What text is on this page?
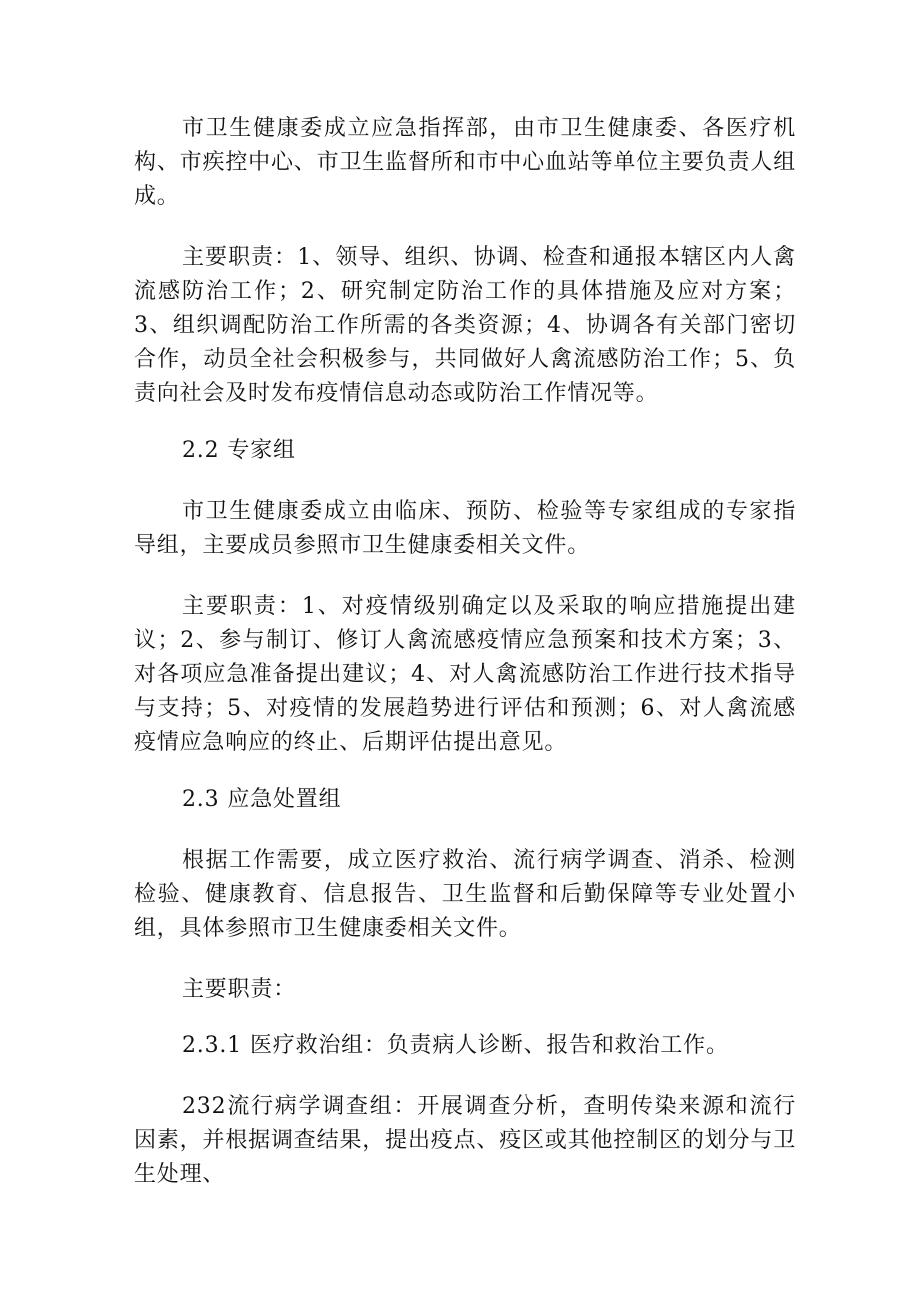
市卫生健康委成立应急指挥部，由市卫生健康委、各医疗机构、市疾控中心、市卫生监督所和市中心血站等单位主要负责人组成。

主要职责：1、领导、组织、协调、检查和通报本辖区内人禽流感防治工作；2、研究制定防治工作的具体措施及应对方案；3、组织调配防治工作所需的各类资源；4、协调各有关部门密切合作，动员全社会积极参与，共同做好人禽流感防治工作；5、负责向社会及时发布疫情信息动态或防治工作情况等。

2.2 专家组

市卫生健康委成立由临床、预防、检验等专家组成的专家指导组，主要成员参照市卫生健康委相关文件。

主要职责：1、对疫情级别确定以及采取的响应措施提出建议；2、参与制订、修订人禽流感疫情应急预案和技术方案；3、对各项应急准备提出建议；4、对人禽流感防治工作进行技术指导与支持；5、对疫情的发展趋势进行评估和预测；6、对人禽流感疫情应急响应的终止、后期评估提出意见。

2.3 应急处置组

根据工作需要，成立医疗救治、流行病学调查、消杀、检测检验、健康教育、信息报告、卫生监督和后勤保障等专业处置小组，具体参照市卫生健康委相关文件。

主要职责：

2.3.1 医疗救治组：负责病人诊断、报告和救治工作。

232流行病学调查组：开展调查分析，查明传染来源和流行因素，并根据调查结果，提出疫点、疫区或其他控制区的划分与卫生处理、
